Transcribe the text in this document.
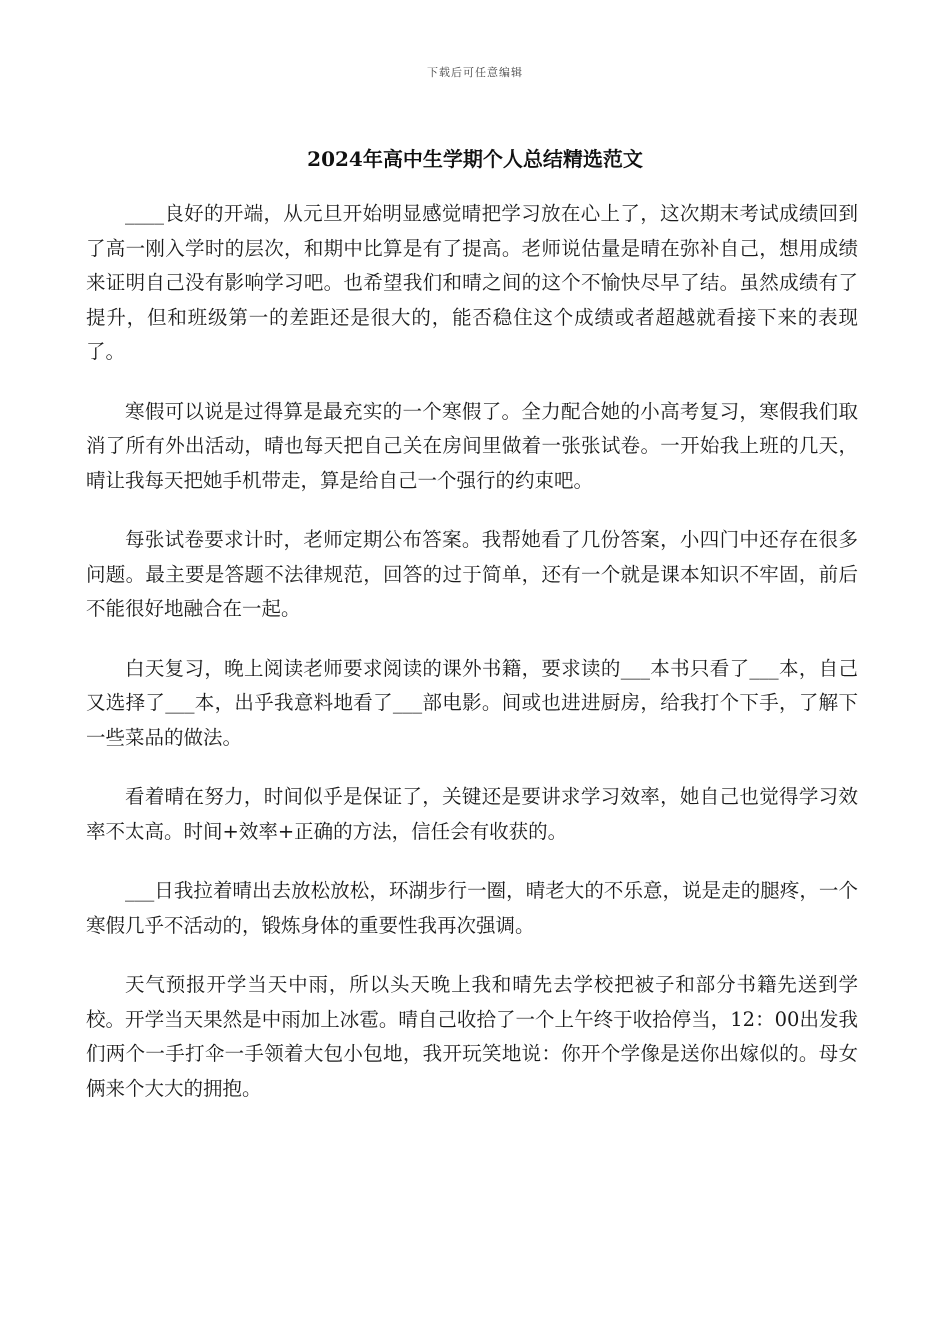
下载后可任意编辑
2024年高中生学期个人总结精选范文

____良好的开端，从元旦开始明显感觉晴把学习放在心上了，这次期末考试成绩回到了高一刚入学时的层次，和期中比算是有了提高。老师说估量是晴在弥补自己，想用成绩来证明自己没有影响学习吧。也希望我们和晴之间的这个不愉快尽早了结。虽然成绩有了提升，但和班级第一的差距还是很大的，能否稳住这个成绩或者超越就看接下来的表现了。

寒假可以说是过得算是最充实的一个寒假了。全力配合她的小高考复习，寒假我们取消了所有外出活动，晴也每天把自己关在房间里做着一张张试卷。一开始我上班的几天，晴让我每天把她手机带走，算是给自己一个强行的约束吧。

每张试卷要求计时，老师定期公布答案。我帮她看了几份答案，小四门中还存在很多问题。最主要是答题不法律规范，回答的过于简单，还有一个就是课本知识不牢固，前后不能很好地融合在一起。

白天复习，晚上阅读老师要求阅读的课外书籍，要求读的___本书只看了___本，自己又选择了___本，出乎我意料地看了___部电影。间或也进进厨房，给我打个下手，了解下一些菜品的做法。

看着晴在努力，时间似乎是保证了，关键还是要讲求学习效率，她自己也觉得学习效率不太高。时间+效率+正确的方法，信任会有收获的。

___日我拉着晴出去放松放松，环湖步行一圈，晴老大的不乐意，说是走的腿疼，一个寒假几乎不活动的，锻炼身体的重要性我再次强调。

天气预报开学当天中雨，所以头天晚上我和晴先去学校把被子和部分书籍先送到学校。开学当天果然是中雨加上冰雹。晴自己收拾了一个上午终于收拾停当，12：00出发我们两个一手打伞一手领着大包小包地，我开玩笑地说：你开个学像是送你出嫁似的。母女俩来个大大的拥抱。
